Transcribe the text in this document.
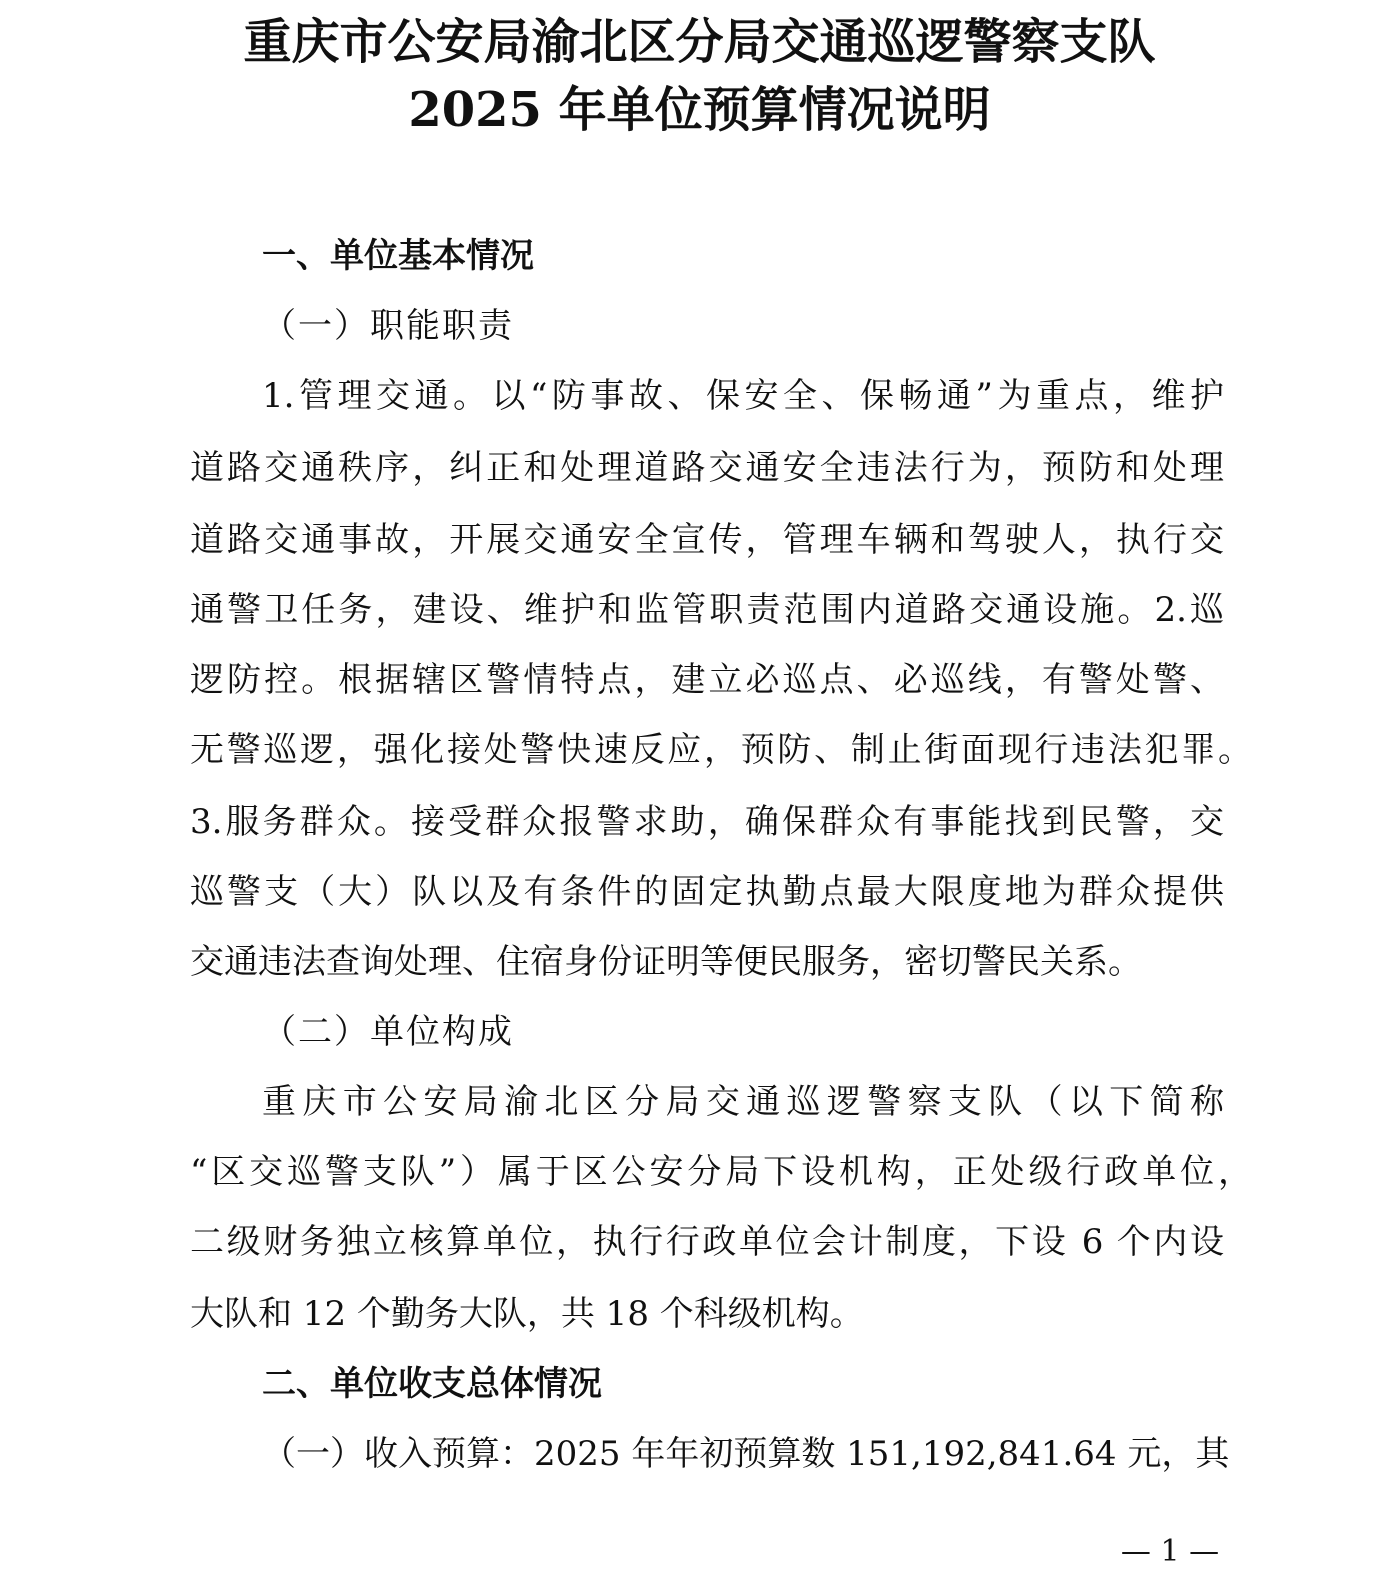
重庆市公安局渝北区分局交通巡逻警察支队
2025 年单位预算情况说明
一、单位基本情况
（一）职能职责
1.管理交通。以“防事故、保安全、保畅通”为重点，维护
道路交通秩序，纠正和处理道路交通安全违法行为，预防和处理
道路交通事故，开展交通安全宣传，管理车辆和驾驶人，执行交
通警卫任务，建设、维护和监管职责范围内道路交通设施。2.巡
逻防控。根据辖区警情特点，建立必巡点、必巡线，有警处警、
无警巡逻，强化接处警快速反应，预防、制止街面现行违法犯罪。
3.服务群众。接受群众报警求助，确保群众有事能找到民警，交
巡警支（大）队以及有条件的固定执勤点最大限度地为群众提供
交通违法查询处理、住宿身份证明等便民服务，密切警民关系。
（二）单位构成
重庆市公安局渝北区分局交通巡逻警察支队（以下简称
“区交巡警支队”）属于区公安分局下设机构，正处级行政单位，
二级财务独立核算单位，执行行政单位会计制度，下设 6 个内设
大队和 12 个勤务大队，共 18 个科级机构。
二、单位收支总体情况
（一）收入预算：2025 年年初预算数 151,192,841.64 元，其
— 1 —
